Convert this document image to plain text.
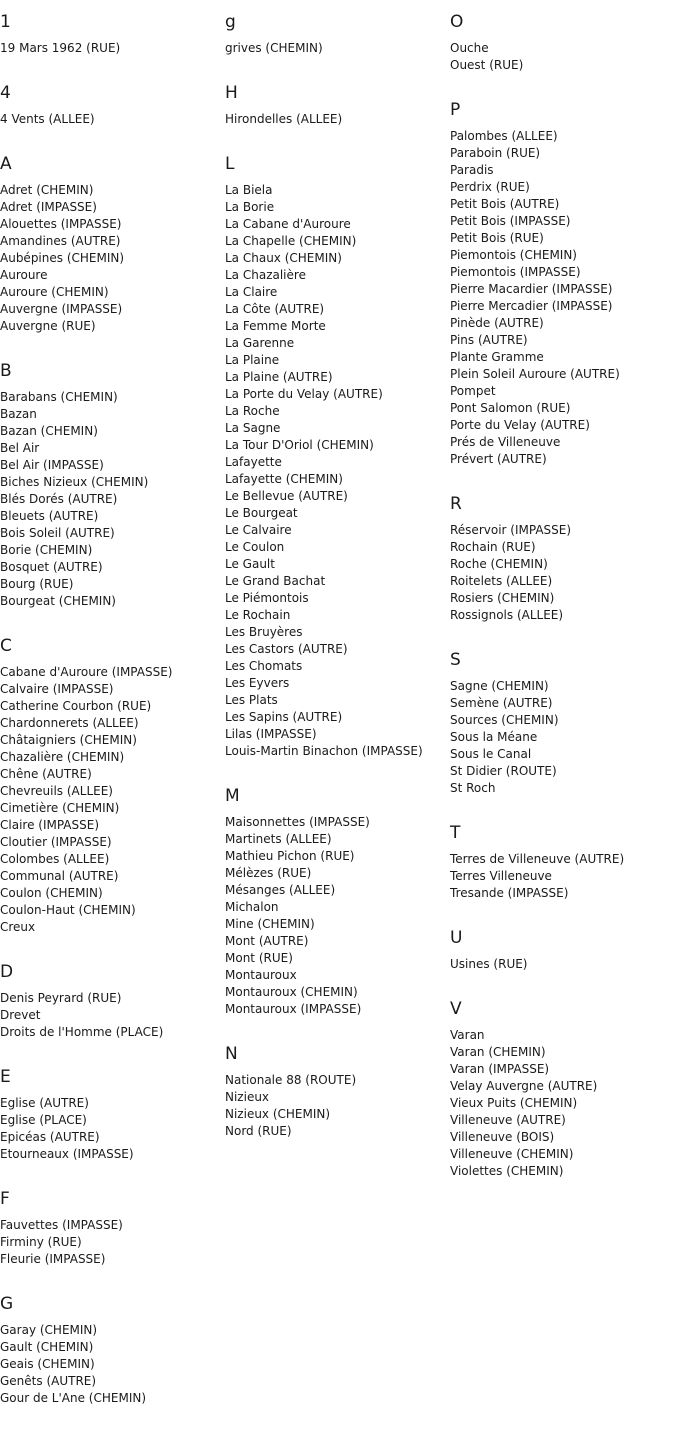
1
19 Mars 1962 (RUE)
4
4 Vents (ALLEE)
A
Adret (CHEMIN)
Adret (IMPASSE)
Alouettes (IMPASSE)
Amandines (AUTRE)
Aubépines (CHEMIN)
Auroure
Auroure (CHEMIN)
Auvergne (IMPASSE)
Auvergne (RUE)
B
Barabans (CHEMIN)
Bazan
Bazan (CHEMIN)
Bel Air
Bel Air (IMPASSE)
Biches Nizieux (CHEMIN)
Blés Dorés (AUTRE)
Bleuets (AUTRE)
Bois Soleil (AUTRE)
Borie (CHEMIN)
Bosquet (AUTRE)
Bourg (RUE)
Bourgeat (CHEMIN)
C
Cabane d'Auroure (IMPASSE)
Calvaire (IMPASSE)
Catherine Courbon (RUE)
Chardonnerets (ALLEE)
Châtaigniers (CHEMIN)
Chazalière (CHEMIN)
Chêne (AUTRE)
Chevreuils (ALLEE)
Cimetière (CHEMIN)
Claire (IMPASSE)
Cloutier (IMPASSE)
Colombes (ALLEE)
Communal (AUTRE)
Coulon (CHEMIN)
Coulon-Haut (CHEMIN)
Creux
D
Denis Peyrard (RUE)
Drevet
Droits de l'Homme (PLACE)
E
Eglise (AUTRE)
Eglise (PLACE)
Epicéas (AUTRE)
Etourneaux (IMPASSE)
F
Fauvettes (IMPASSE)
Firminy (RUE)
Fleurie (IMPASSE)
G
Garay (CHEMIN)
Gault (CHEMIN)
Geais (CHEMIN)
Genêts (AUTRE)
Gour de L'Ane (CHEMIN)
g
grives (CHEMIN)
H
Hirondelles (ALLEE)
L
La Biela
La Borie
La Cabane d'Auroure
La Chapelle (CHEMIN)
La Chaux (CHEMIN)
La Chazalière
La Claire
La Côte (AUTRE)
La Femme Morte
La Garenne
La Plaine
La Plaine (AUTRE)
La Porte du Velay (AUTRE)
La Roche
La Sagne
La Tour D'Oriol (CHEMIN)
Lafayette
Lafayette (CHEMIN)
Le Bellevue (AUTRE)
Le Bourgeat
Le Calvaire
Le Coulon
Le Gault
Le Grand Bachat
Le Piémontois
Le Rochain
Les Bruyères
Les Castors (AUTRE)
Les Chomats
Les Eyvers
Les Plats
Les Sapins (AUTRE)
Lilas (IMPASSE)
Louis-Martin Binachon (IMPASSE)
M
Maisonnettes (IMPASSE)
Martinets (ALLEE)
Mathieu Pichon (RUE)
Mélèzes (RUE)
Mésanges (ALLEE)
Michalon
Mine (CHEMIN)
Mont (AUTRE)
Mont (RUE)
Montauroux
Montauroux (CHEMIN)
Montauroux (IMPASSE)
N
Nationale 88 (ROUTE)
Nizieux
Nizieux (CHEMIN)
Nord (RUE)
O
Ouche
Ouest (RUE)
P
Palombes (ALLEE)
Paraboin (RUE)
Paradis
Perdrix (RUE)
Petit Bois (AUTRE)
Petit Bois (IMPASSE)
Petit Bois (RUE)
Piemontois (CHEMIN)
Piemontois (IMPASSE)
Pierre Macardier (IMPASSE)
Pierre Mercadier (IMPASSE)
Pinède (AUTRE)
Pins (AUTRE)
Plante Gramme
Plein Soleil Auroure (AUTRE)
Pompet
Pont Salomon (RUE)
Porte du Velay (AUTRE)
Prés de Villeneuve
Prévert (AUTRE)
R
Réservoir (IMPASSE)
Rochain (RUE)
Roche (CHEMIN)
Roitelets (ALLEE)
Rosiers (CHEMIN)
Rossignols (ALLEE)
S
Sagne (CHEMIN)
Semène (AUTRE)
Sources (CHEMIN)
Sous la Méane
Sous le Canal
St Didier (ROUTE)
St Roch
T
Terres de Villeneuve (AUTRE)
Terres Villeneuve
Tresande (IMPASSE)
U
Usines (RUE)
V
Varan
Varan (CHEMIN)
Varan (IMPASSE)
Velay Auvergne (AUTRE)
Vieux Puits (CHEMIN)
Villeneuve (AUTRE)
Villeneuve (BOIS)
Villeneuve (CHEMIN)
Violettes (CHEMIN)
